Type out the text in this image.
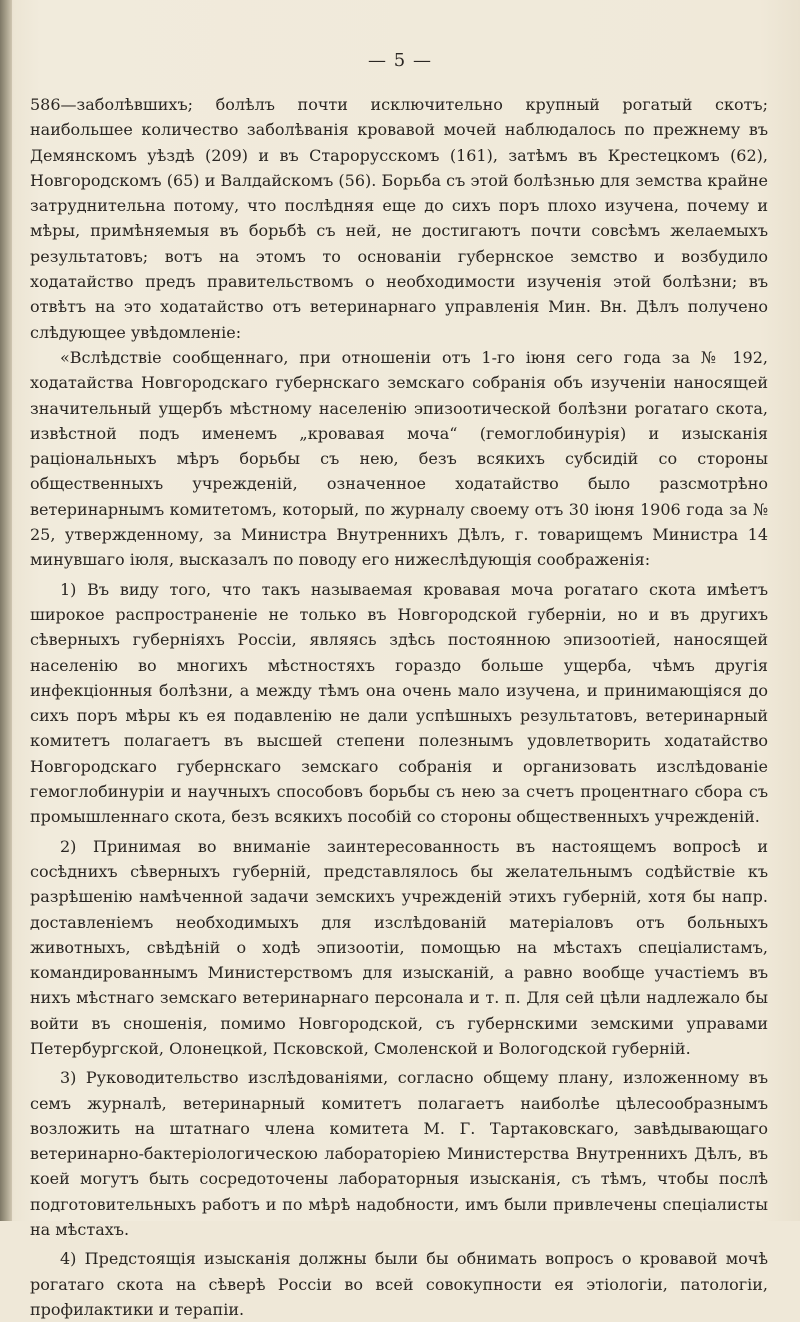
— 5 —

586—заболѣвшихъ; болѣлъ почти исключительно крупный рогатый скотъ; наибольшее количество заболѣванія кровавой мочей наблюдалось по прежнему въ Демянскомъ уѣздѣ (209) и въ Старорусскомъ (161), затѣмъ въ Крестецкомъ (62), Новгородскомъ (65) и Валдайскомъ (56). Борьба съ этой болѣзнью для земства крайне затруднительна потому, что послѣдняя еще до сихъ поръ плохо изучена, почему и мѣры, примѣняемыя въ борьбѣ съ ней, не достигаютъ почти совсѣмъ желаемыхъ результатовъ; вотъ на этомъ то основаніи губернское земство и возбудило ходатайство предъ правительствомъ о необходимости изученія этой болѣзни; въ отвѣтъ на это ходатайство отъ ветеринарнаго управленія Мин. Вн. Дѣлъ получено слѣдующее увѣдомленіе:

«Вслѣдствіе сообщеннаго, при отношеніи отъ 1-го іюня сего года за № 192, ходатайства Новгородскаго губернскаго земскаго собранія объ изученіи наносящей значительный ущербъ мѣстному населенію эпизоотической болѣзни рогатаго скота, извѣстной подъ именемъ „кровавая моча“ (гемоглобинурія) и изысканія раціональныхъ мѣръ борьбы съ нею, безъ всякихъ субсидій со стороны общественныхъ учрежденій, означенное ходатайство было разсмотрѣно ветеринарнымъ комитетомъ, который, по журналу своему отъ 30 іюня 1906 года за № 25, утвержденному, за Министра Внутреннихъ Дѣлъ, г. товарищемъ Министра 14 минувшаго іюля, высказалъ по поводу его нижеслѣдующія соображенія:

1) Въ виду того, что такъ называемая кровавая моча рогатаго скота имѣетъ широкое распространеніе не только въ Новгородской губерніи, но и въ другихъ сѣверныхъ губерніяхъ Россіи, являясь здѣсь постоянною эпизоотіей, наносящей населенію во многихъ мѣстностяхъ гораздо больше ущерба, чѣмъ другія инфекціонныя болѣзни, а между тѣмъ она очень мало изучена, и принимающіяся до сихъ поръ мѣры къ ея подавленію не дали успѣшныхъ результатовъ, ветеринарный комитетъ полагаетъ въ высшей степени полезнымъ удовлетворить ходатайство Новгородскаго губернскаго земскаго собранія и организовать изслѣдованіе гемоглобинуріи и научныхъ способовъ борьбы съ нею за счетъ процентнаго сбора съ промышленнаго скота, безъ всякихъ пособій со стороны общественныхъ учрежденій.

2) Принимая во вниманіе заинтересованность въ настоящемъ вопросѣ и сосѣднихъ сѣверныхъ губерній, представлялось бы желательнымъ содѣйствіе къ разрѣшенію намѣченной задачи земскихъ учрежденій этихъ губерній, хотя бы напр. доставленіемъ необходимыхъ для изслѣдованій матеріаловъ отъ больныхъ животныхъ, свѣдѣній о ходѣ эпизоотіи, помощью на мѣстахъ спеціалистамъ, командированнымъ Министерствомъ для изысканій, а равно вообще участіемъ въ нихъ мѣстнаго земскаго ветеринарнаго персонала и т. п. Для сей цѣли надлежало бы войти въ сношенія, помимо Новгородской, съ губернскими земскими управами Петербургской, Олонецкой, Псковской, Смоленской и Вологодской губерній.

3) Руководительство изслѣдованіями, согласно общему плану, изложенному въ семъ журналѣ, ветеринарный комитетъ полагаетъ наиболѣе цѣлесообразнымъ возложить на штатнаго члена комитета М. Г. Тартаковскаго, завѣдывающаго ветеринарно-бактеріологическою лабораторіею Министерства Внутреннихъ Дѣлъ, въ коей могутъ быть сосредоточены лабораторныя изысканія, съ тѣмъ, чтобы послѣ подготовительныхъ работъ и по мѣрѣ надобности, имъ были привлечены спеціалисты на мѣстахъ.

4) Предстоящія изысканія должны были бы обнимать вопросъ о кровавой мочѣ рогатаго скота на сѣверѣ Россіи во всей совокупности ея этіологіи, патологіи, профилактики и терапіи.
